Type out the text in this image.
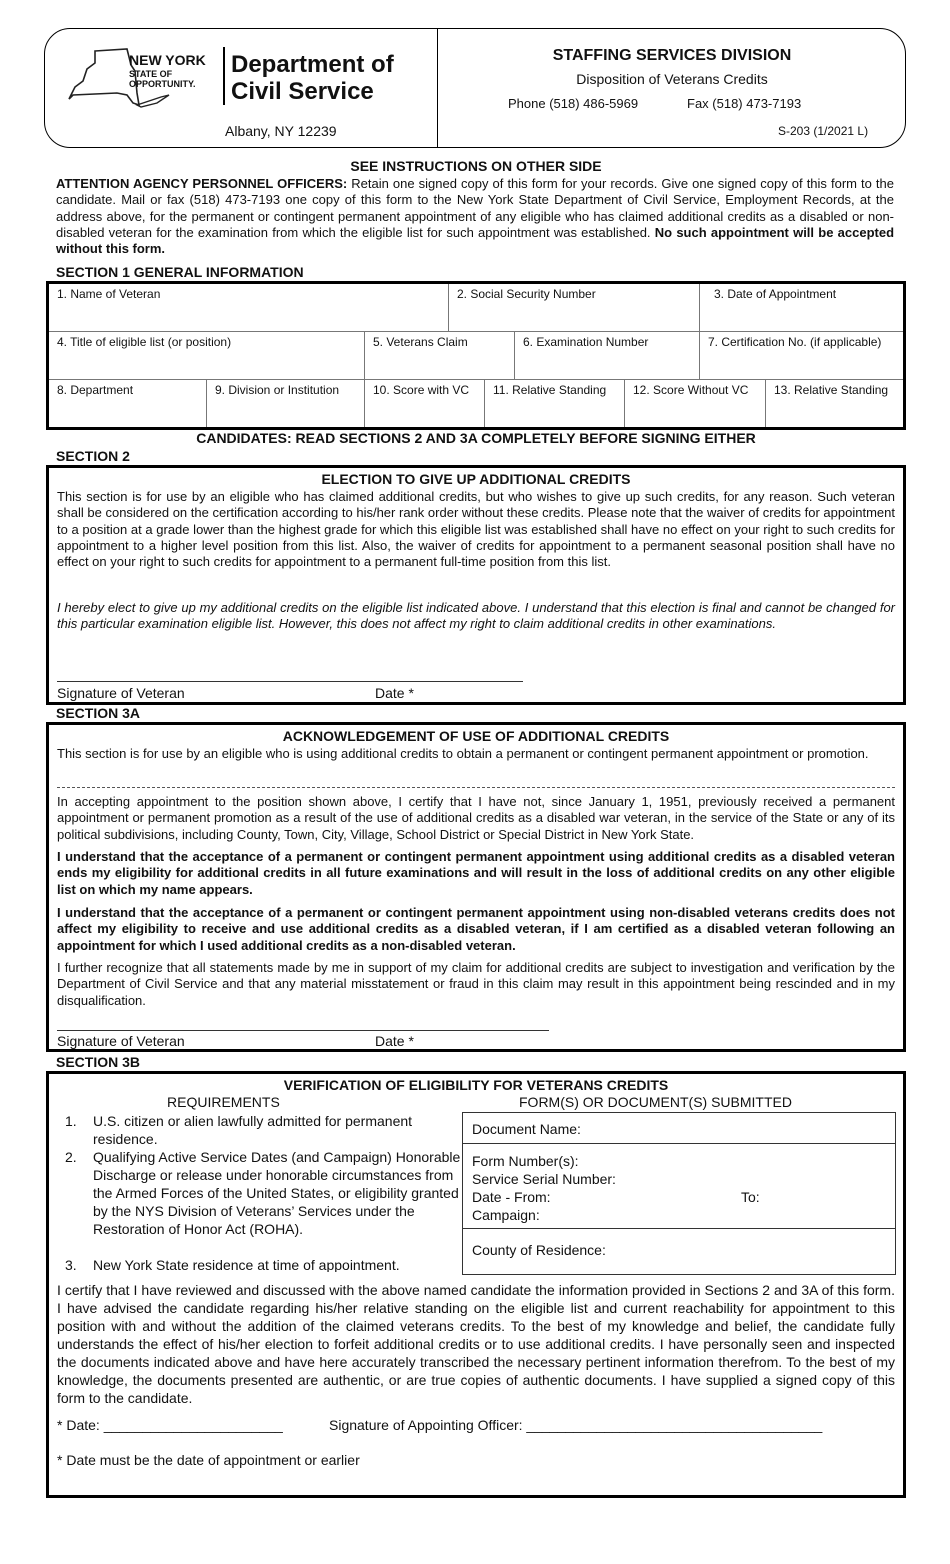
NEW YORK
STATE OF OPPORTUNITY.
Department of Civil Service
Albany, NY 12239
STAFFING SERVICES DIVISION
Disposition of Veterans Credits
Phone (518) 486-5969	Fax (518) 473-7193
S-203 (1/2021 L)
SEE INSTRUCTIONS ON OTHER SIDE
ATTENTION AGENCY PERSONNEL OFFICERS: Retain one signed copy of this form for your records. Give one signed copy of this form to the candidate. Mail or fax (518) 473-7193 one copy of this form to the New York State Department of Civil Service, Employment Records, at the address above, for the permanent or contingent permanent appointment of any eligible who has claimed additional credits as a disabled or non-disabled veteran for the examination from which the eligible list for such appointment was established. No such appointment will be accepted without this form.
SECTION 1 GENERAL INFORMATION
1. Name of Veteran	2. Social Security Number	3. Date of Appointment
4. Title of eligible list (or position)	5. Veterans Claim	6. Examination Number	7. Certification No. (if applicable)
8. Department	9. Division or Institution	10. Score with VC	11. Relative Standing	12. Score Without VC	13. Relative Standing
CANDIDATES: READ SECTIONS 2 AND 3A COMPLETELY BEFORE SIGNING EITHER
SECTION 2
ELECTION TO GIVE UP ADDITIONAL CREDITS
This section is for use by an eligible who has claimed additional credits, but who wishes to give up such credits, for any reason. Such veteran shall be considered on the certification according to his/her rank order without these credits. Please note that the waiver of credits for appointment to a position at a grade lower than the highest grade for which this eligible list was established shall have no effect on your right to such credits for appointment to a higher level position from this list. Also, the waiver of credits for appointment to a permanent seasonal position shall have no effect on your right to such credits for appointment to a permanent full-time position from this list.
I hereby elect to give up my additional credits on the eligible list indicated above. I understand that this election is final and cannot be changed for this particular examination eligible list. However, this does not affect my right to claim additional credits in other examinations.
Signature of Veteran	Date *
SECTION 3A
ACKNOWLEDGEMENT OF USE OF ADDITIONAL CREDITS
This section is for use by an eligible who is using additional credits to obtain a permanent or contingent permanent appointment or promotion.
In accepting appointment to the position shown above, I certify that I have not, since January 1, 1951, previously received a permanent appointment or permanent promotion as a result of the use of additional credits as a disabled war veteran, in the service of the State or any of its political subdivisions, including County, Town, City, Village, School District or Special District in New York State.
I understand that the acceptance of a permanent or contingent permanent appointment using additional credits as a disabled veteran ends my eligibility for additional credits in all future examinations and will result in the loss of additional credits on any other eligible list on which my name appears.
I understand that the acceptance of a permanent or contingent permanent appointment using non-disabled veterans credits does not affect my eligibility to receive and use additional credits as a disabled veteran, if I am certified as a disabled veteran following an appointment for which I used additional credits as a non-disabled veteran.
I further recognize that all statements made by me in support of my claim for additional credits are subject to investigation and verification by the Department of Civil Service and that any material misstatement or fraud in this claim may result in this appointment being rescinded and in my disqualification.
Signature of Veteran	Date *
SECTION 3B
VERIFICATION OF ELIGIBILITY FOR VETERANS CREDITS
REQUIREMENTS	FORM(S) OR DOCUMENT(S) SUBMITTED
1. U.S. citizen or alien lawfully admitted for permanent residence.
2. Qualifying Active Service Dates (and Campaign) Honorable Discharge or release under honorable circumstances from the Armed Forces of the United States, or eligibility granted by the NYS Division of Veterans’ Services under the Restoration of Honor Act (ROHA).
3. New York State residence at time of appointment.
Document Name:
Form Number(s):
Service Serial Number:
Date - From:	To:
Campaign:
County of Residence:
I certify that I have reviewed and discussed with the above named candidate the information provided in Sections 2 and 3A of this form. I have advised the candidate regarding his/her relative standing on the eligible list and current reachability for appointment to this position with and without the addition of the claimed veterans credits. To the best of my knowledge and belief, the candidate fully understands the effect of his/her election to forfeit additional credits or to use additional credits. I have personally seen and inspected the documents indicated above and have here accurately transcribed the necessary pertinent information therefrom. To the best of my knowledge, the documents presented are authentic, or are true copies of authentic documents. I have supplied a signed copy of this form to the candidate.
* Date: _______________________	Signature of Appointing Officer: ______________________________________
* Date must be the date of appointment or earlier
